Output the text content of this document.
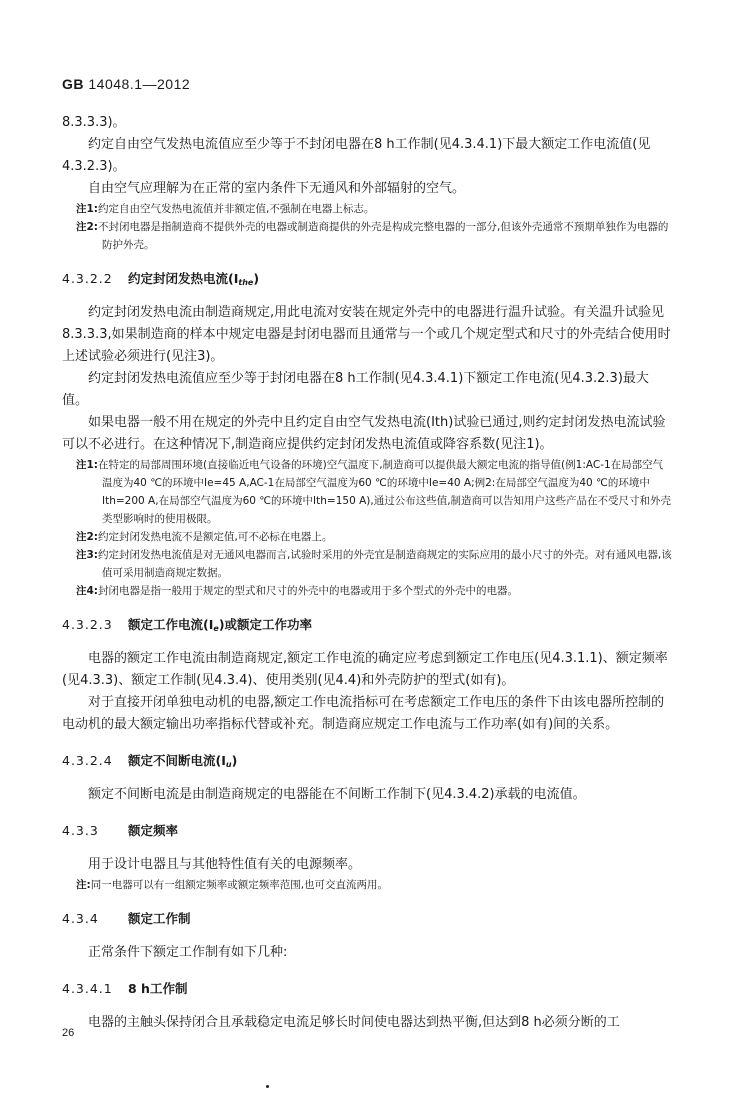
GB 14048.1—2012

8.3.3.3)。

约定自由空气发热电流值应至少等于不封闭电器在8 h工作制(见4.3.4.1)下最大额定工作电流值(见4.3.2.3)。

自由空气应理解为在正常的室内条件下无通风和外部辐射的空气。

注1:约定自由空气发热电流值并非额定值,不强制在电器上标志。

注2:不封闭电器是指制造商不提供外壳的电器或制造商提供的外壳是构成完整电器的一部分,但该外壳通常不预期单独作为电器的防护外壳。

4.3.2.2 约定封闭发热电流$(I_{the})$

约定封闭发热电流由制造商规定,用此电流对安装在规定外壳中的电器进行温升试验。有关温升试验见8.3.3.3,如果制造商的样本中规定电器是封闭电器而且通常与一个或几个规定型式和尺寸的外壳结合使用时上述试验必须进行(见注3)。

约定封闭发热电流值应至少等于封闭电器在8 h工作制(见4.3.4.1)下额定工作电流(见4.3.2.3)最大值。

如果电器一般不用在规定的外壳中且约定自由空气发热电流(Ith)试验已通过,则约定封闭发热电流试验可以不必进行。在这种情况下,制造商应提供约定封闭发热电流值或降容系数(见注1)。

注1:在特定的局部周围环境(直接临近电气设备的环境)空气温度下,制造商可以提供最大额定电流的指导值(例1:AC-1在局部空气温度为40 ℃的环境中Ie=45 A,AC-1在局部空气温度为60 ℃的环境中Ie=40 A;例2:在局部空气温度为40 ℃的环境中Ith=200 A,在局部空气温度为60 ℃的环境中Ith=150 A),通过公布这些值,制造商可以告知用户这些产品在不受尺寸和外壳类型影响时的使用极限。

注2:约定封闭发热电流不是额定值,可不必标在电器上。

注3:约定封闭发热电流值是对无通风电器而言,试验时采用的外壳宜是制造商规定的实际应用的最小尺寸的外壳。对有通风电器,该值可采用制造商规定数据。

注4:封闭电器是指一般用于规定的型式和尺寸的外壳中的电器或用于多个型式的外壳中的电器。

4.3.2.3 额定工作电流$(I_e)$或额定工作功率

电器的额定工作电流由制造商规定,额定工作电流的确定应考虑到额定工作电压(见4.3.1.1)、额定频率(见4.3.3)、额定工作制(见4.3.4)、使用类别(见4.4)和外壳防护的型式(如有)。

对于直接开闭单独电动机的电器,额定工作电流指标可在考虑额定工作电压的条件下由该电器所控制的电动机的最大额定输出功率指标代替或补充。制造商应规定工作电流与工作功率(如有)间的关系。

4.3.2.4 额定不间断电流$(I_u)$

额定不间断电流是由制造商规定的电器能在不间断工作制下(见4.3.4.2)承载的电流值。

4.3.3 额定频率

用于设计电器且与其他特性值有关的电源频率。

注:同一电器可以有一组额定频率或额定频率范围,也可交直流两用。

4.3.4 额定工作制

正常条件下额定工作制有如下几种:

4.3.4.1 8 h工作制

电器的主触头保持闭合且承载稳定电流足够长时间使电器达到热平衡,但达到8 h必须分断的工

26
